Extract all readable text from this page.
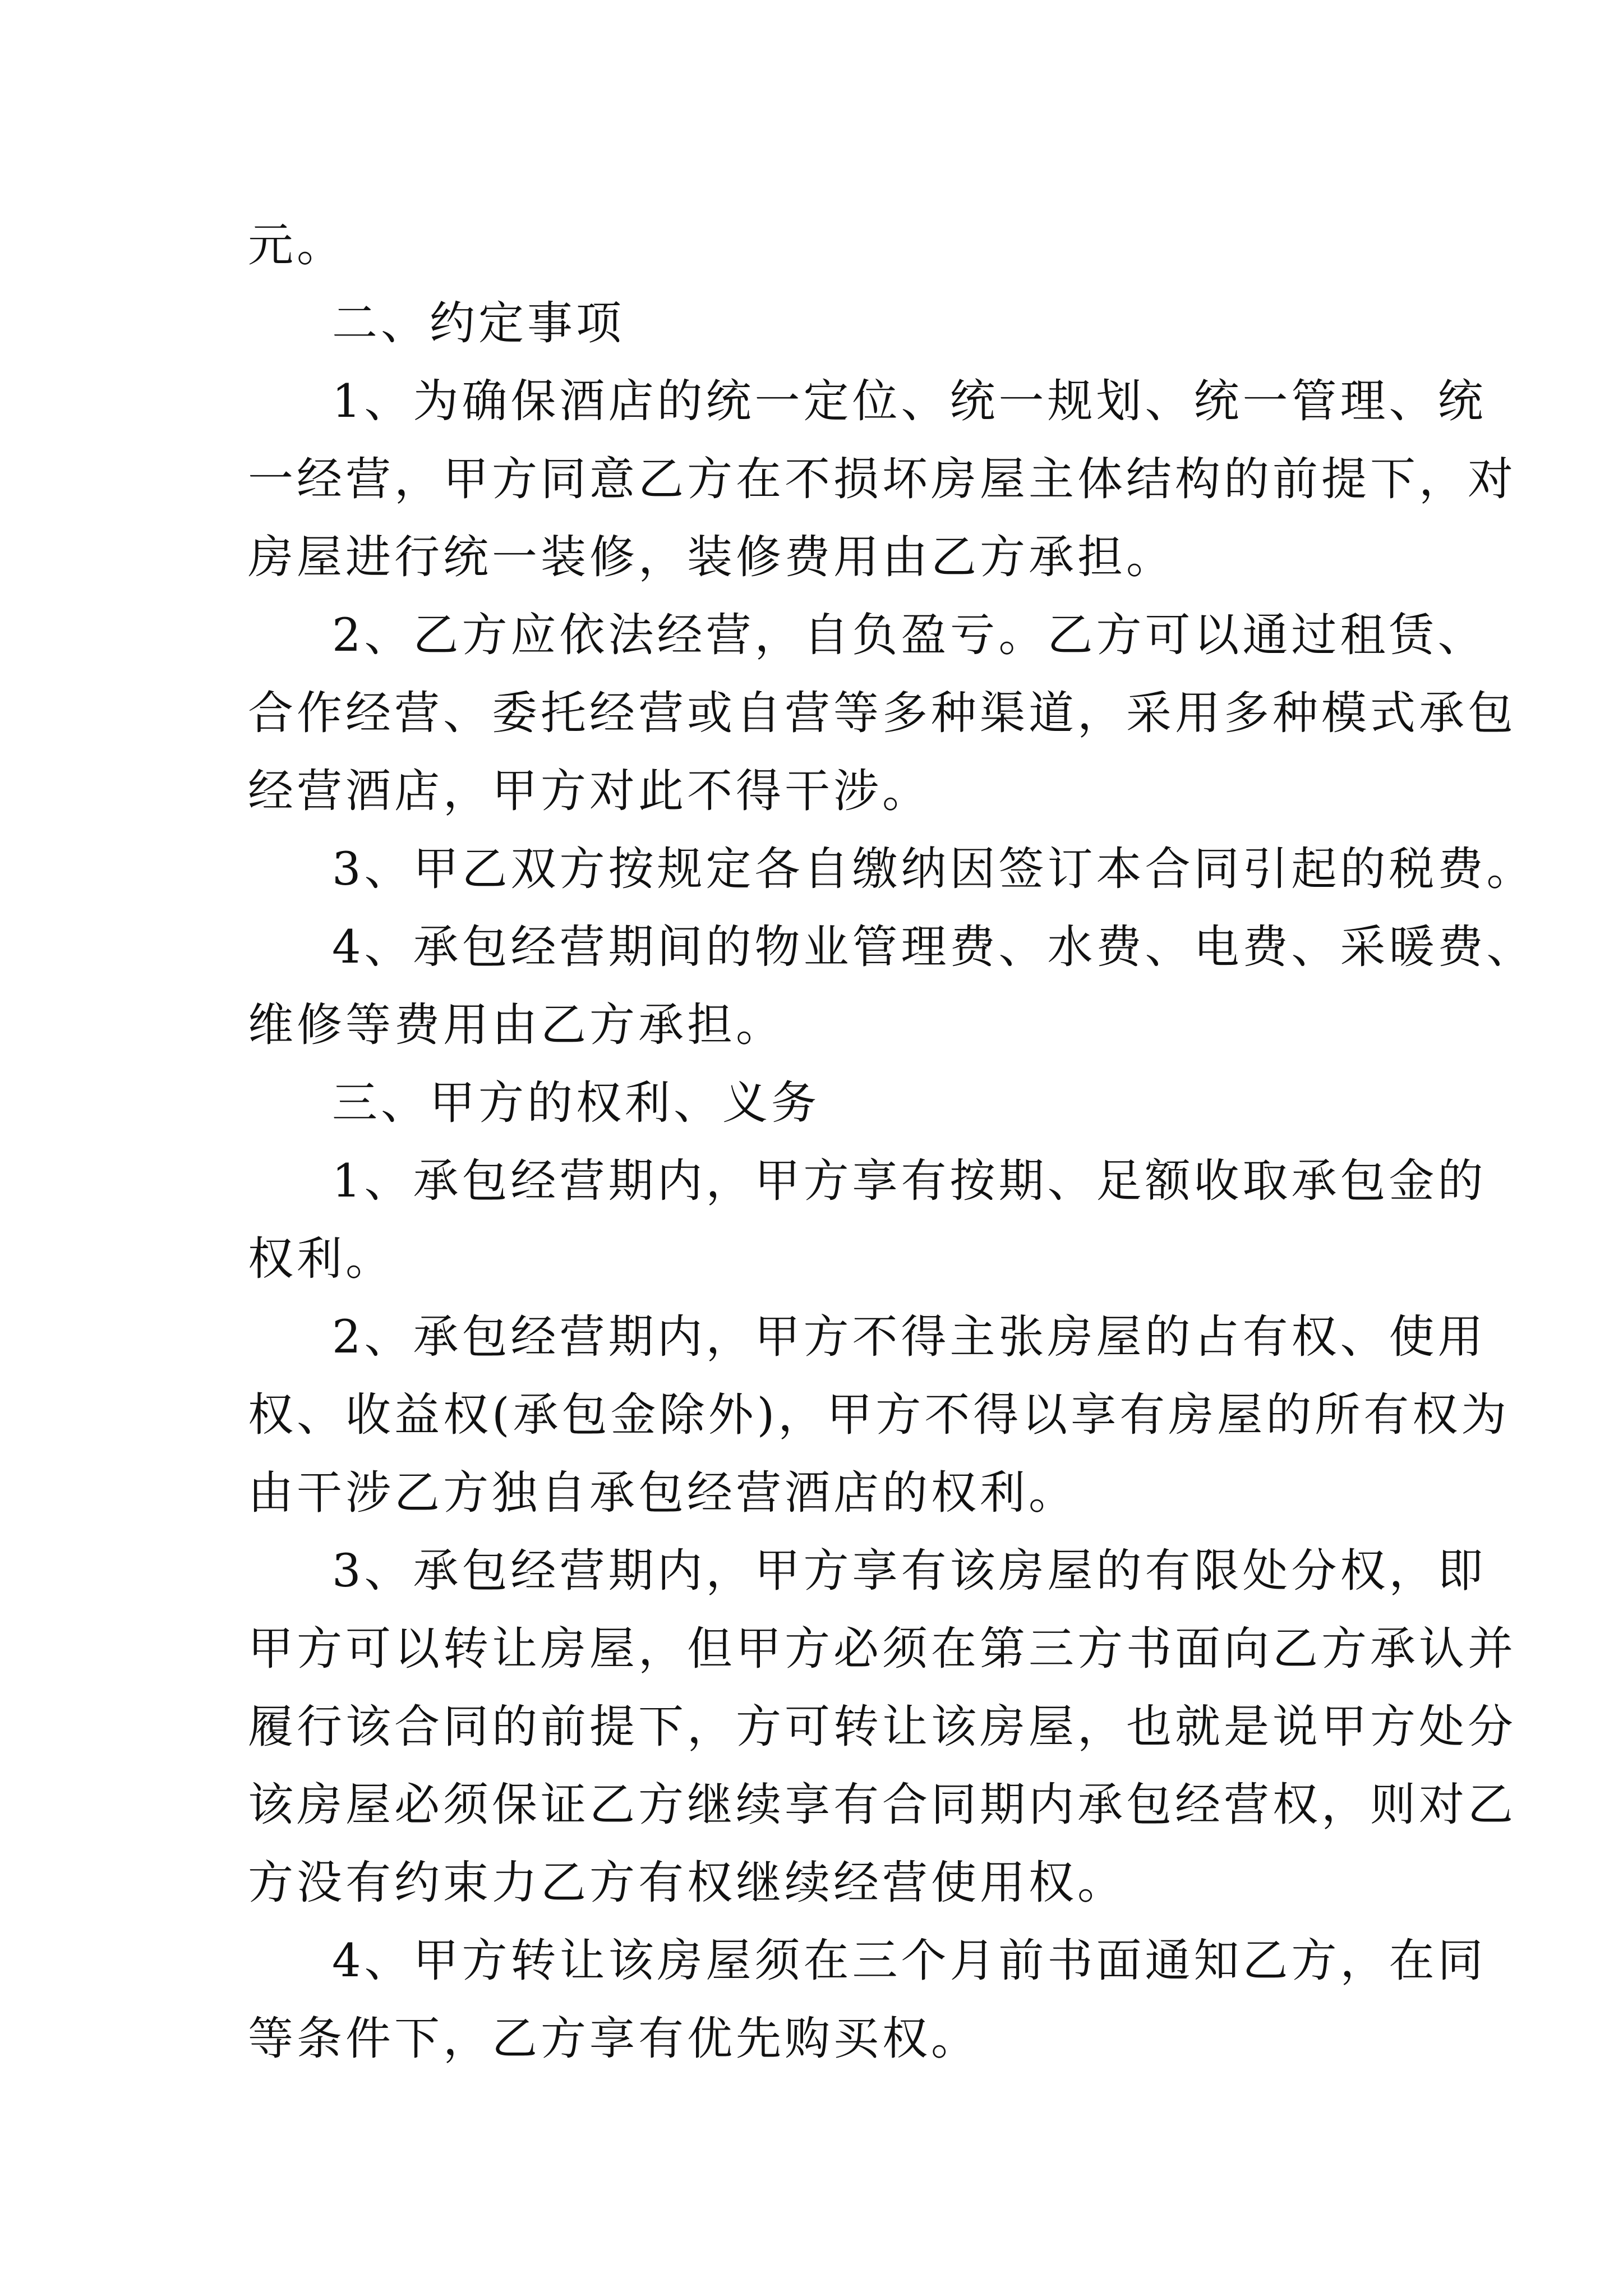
元。
二、约定事项
1、为确保酒店的统一定位、统一规划、统一管理、统
一经营，甲方同意乙方在不损坏房屋主体结构的前提下，对
房屋进行统一装修，装修费用由乙方承担。
2、乙方应依法经营，自负盈亏。乙方可以通过租赁、
合作经营、委托经营或自营等多种渠道，采用多种模式承包
经营酒店，甲方对此不得干涉。
3、甲乙双方按规定各自缴纳因签订本合同引起的税费。
4、承包经营期间的物业管理费、水费、电费、采暖费、
维修等费用由乙方承担。
三、甲方的权利、义务
1、承包经营期内，甲方享有按期、足额收取承包金的
权利。
2、承包经营期内，甲方不得主张房屋的占有权、使用
权、收益权(承包金除外)，甲方不得以享有房屋的所有权为
由干涉乙方独自承包经营酒店的权利。
3、承包经营期内，甲方享有该房屋的有限处分权，即
甲方可以转让房屋，但甲方必须在第三方书面向乙方承认并
履行该合同的前提下，方可转让该房屋，也就是说甲方处分
该房屋必须保证乙方继续享有合同期内承包经营权，则对乙
方没有约束力乙方有权继续经营使用权。
4、甲方转让该房屋须在三个月前书面通知乙方，在同
等条件下，乙方享有优先购买权。
